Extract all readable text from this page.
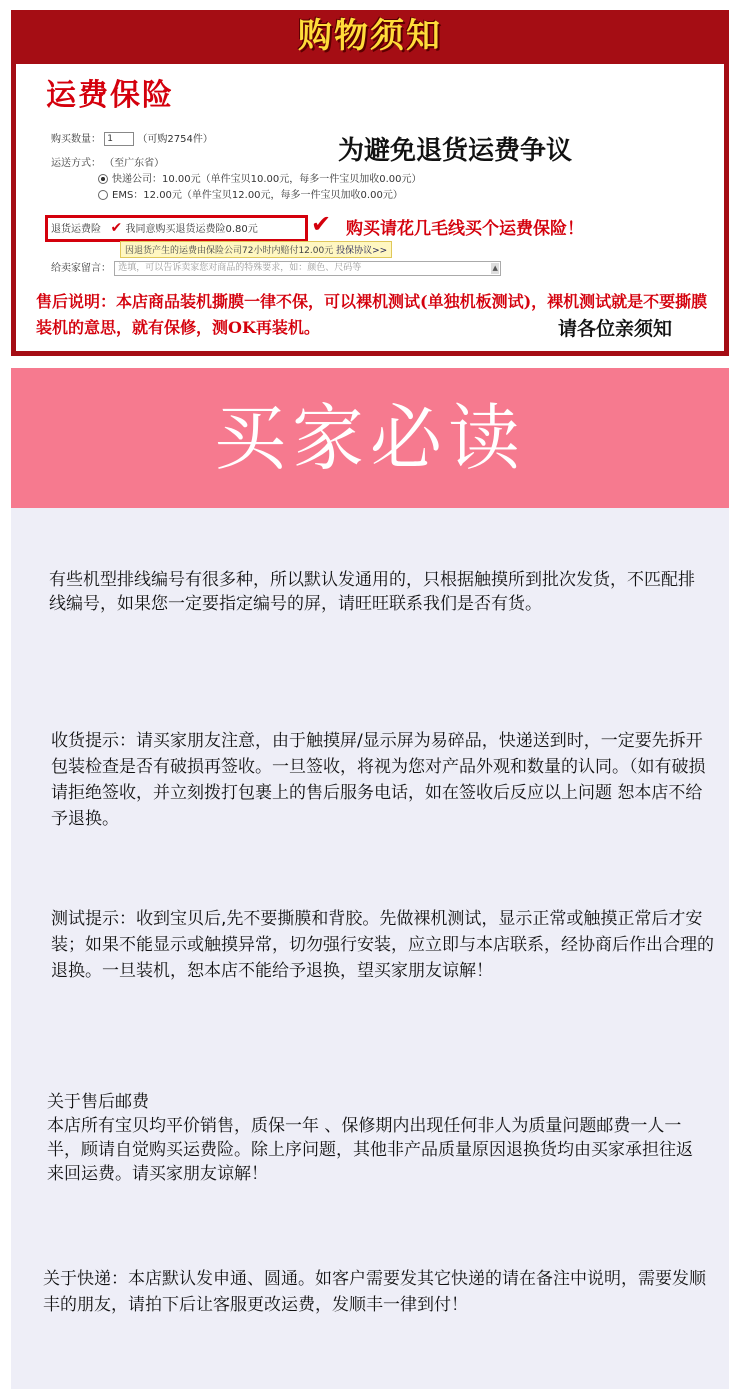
购物须知
运费保险
为避免退货运费争议
购买数量： 1 （可购2754件）
运送方式： （至广东省）
快递公司：10.00元（单件宝贝10.00元，每多一件宝贝加收0.00元）
EMS：12.00元（单件宝贝12.00元，每多一件宝贝加收0.00元）
退货运费险 ✔ 我同意购买退货运费险0.80元 ✔ 购买请花几毛线买个运费保险！
因退货产生的运费由保险公司72小时内赔付12.00元 投保协议>>
给卖家留言： 选填，可以告诉卖家您对商品的特殊要求，如：颜色、尺码等	▲
售后说明：本店商品装机撕膜一律不保，可以裸机测试(单独机板测试)，裸机测试就是不要撕膜装机的意思，就有保修，测OK再装机。	请各位亲须知
买家必读
有些机型排线编号有很多种，所以默认发通用的，只根据触摸所到批次发货，不匹配排线编号，如果您一定要指定编号的屏，请旺旺联系我们是否有货。
收货提示：请买家朋友注意，由于触摸屏/显示屏为易碎品，快递送到时，一定要先拆开包装检查是否有破损再签收。一旦签收，将视为您对产品外观和数量的认同。（如有破损请拒绝签收，并立刻拨打包裹上的售后服务电话，如在签收后反应以上问题 恕本店不给予退换。
测试提示：收到宝贝后,先不要撕膜和背胶。先做裸机测试，显示正常或触摸正常后才安装；如果不能显示或触摸异常，切勿强行安装，应立即与本店联系，经协商后作出合理的退换。一旦装机，恕本店不能给予退换，望买家朋友谅解！
关于售后邮费
本店所有宝贝均平价销售，质保一年 、保修期内出现任何非人为质量问题邮费一人一半，顾请自觉购买运费险。除上序问题，其他非产品质量原因退换货均由买家承担往返来回运费。请买家朋友谅解！
关于快递：本店默认发申通、圆通。如客户需要发其它快递的请在备注中说明，需要发顺丰的朋友，请拍下后让客服更改运费，发顺丰一律到付！
